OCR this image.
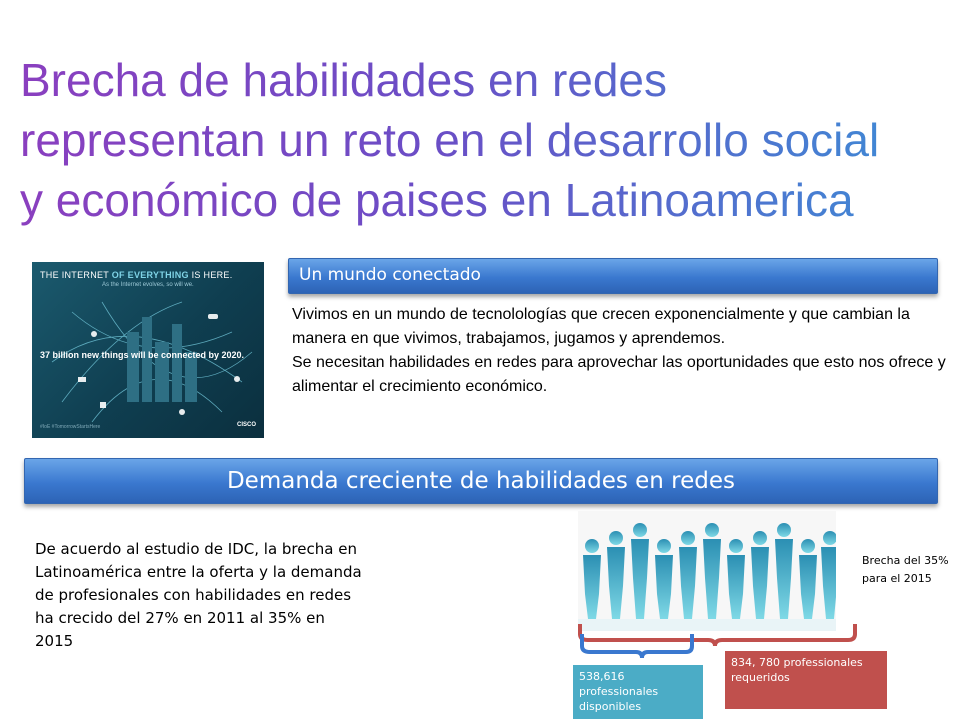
Brecha de habilidades en redes
representan un reto en el desarrollo social
y económico de paises en Latinoamerica
THE INTERNET OF EVERYTHING IS HERE.
As the Internet evolves, so will we.
37 billion new things will be connected by 2020.
#IoE #TomorrowStartsHere	CISCO
Un mundo conectado

Vivimos en un mundo de tecnolologías que crecen exponencialmente y que cambian la manera en que vivimos, trabajamos, jugamos y aprendemos.

Se necesitan habilidades en redes para aprovechar las oportunidades que esto nos ofrece y alimentar el crecimiento económico.

Demanda creciente de habilidades en redes
De acuerdo al estudio de IDC, la brecha en Latinoamérica entre la oferta y la demanda de profesionales con habilidades en redes ha crecido del 27% en 2011 al 35% en 2015
Brecha del 35% para el 2015
538,616 professionales disponibles
834, 780 professionales requeridos
